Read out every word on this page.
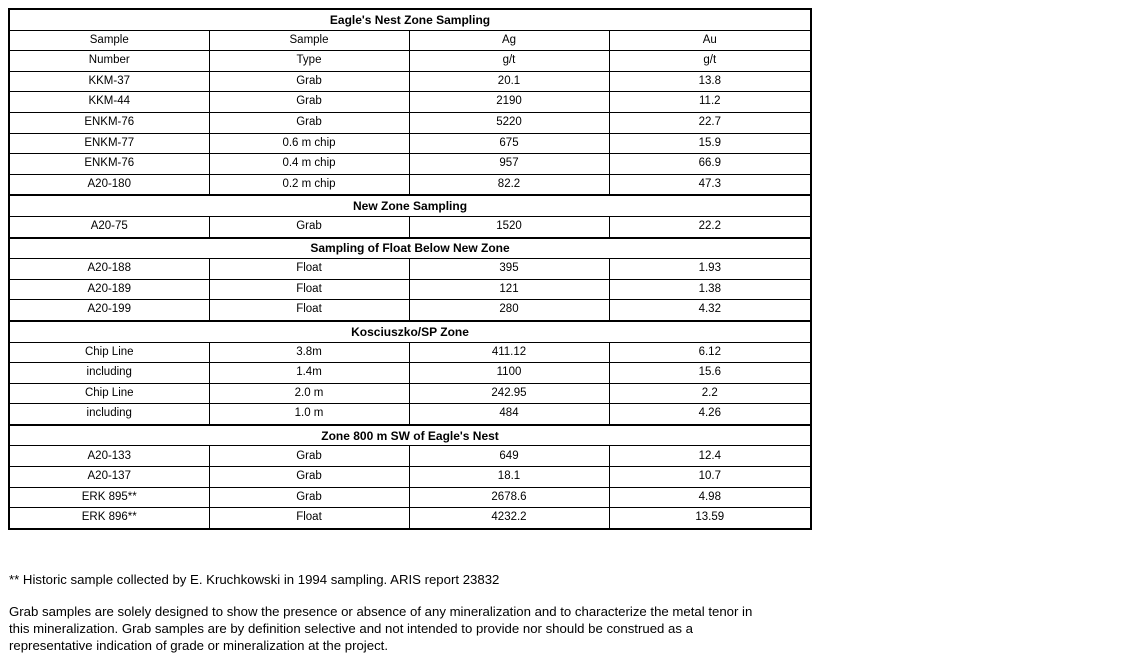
Eagle's Nest Zone Sampling			
Sample	Sample	Ag	Au
Number	Type	g/t	g/t
KKM-37	Grab	20.1	13.8
KKM-44	Grab	2190	11.2
ENKM-76	Grab	5220	22.7
ENKM-77	0.6 m chip	675	15.9
ENKM-76	0.4 m chip	957	66.9
A20-180	0.2 m chip	82.2	47.3
New Zone Sampling			
A20-75	Grab	1520	22.2
Sampling of Float Below New Zone			
A20-188	Float	395	1.93
A20-189	Float	121	1.38
A20-199	Float	280	4.32
Kosciuszko/SP Zone			
Chip Line	3.8m	411.12	6.12
including	1.4m	1100	15.6
Chip Line	2.0 m	242.95	2.2
including	1.0 m	484	4.26
Zone 800 m SW of Eagle's Nest			
A20-133	Grab	649	12.4
A20-137	Grab	18.1	10.7
ERK 895**	Grab	2678.6	4.98
ERK 896**	Float	4232.2	13.59
** Historic sample collected by E. Kruchkowski in 1994 sampling. ARIS report 23832
Grab samples are solely designed to show the presence or absence of any mineralization and to characterize the metal tenor in
this mineralization. Grab samples are by definition selective and not intended to provide nor should be construed as a
representative indication of grade or mineralization at the project.
